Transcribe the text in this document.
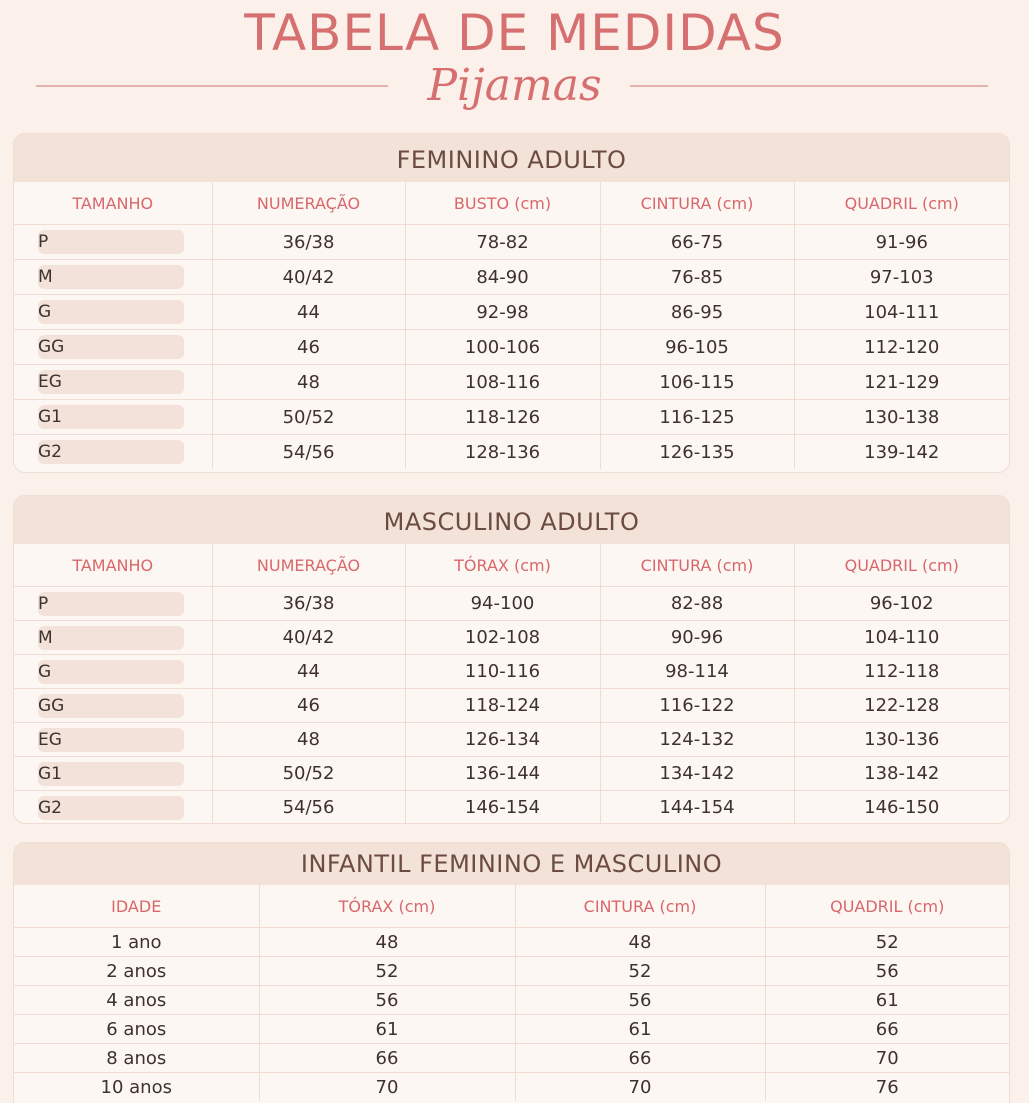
TABELA DE MEDIDAS
Pijamas
FEMININO ADULTO
TAMANHO	NUMERAÇÃO	BUSTO (cm)	CINTURA (cm)	QUADRIL (cm)
P	36/38	78-82	66-75	91-96
M	40/42	84-90	76-85	97-103
G	44	92-98	86-95	104-111
GG	46	100-106	96-105	112-120
EG	48	108-116	106-115	121-129
G1	50/52	118-126	116-125	130-138
G2	54/56	128-136	126-135	139-142
MASCULINO ADULTO
TAMANHO	NUMERAÇÃO	TÓRAX (cm)	CINTURA (cm)	QUADRIL (cm)
P	36/38	94-100	82-88	96-102
M	40/42	102-108	90-96	104-110
G	44	110-116	98-114	112-118
GG	46	118-124	116-122	122-128
EG	48	126-134	124-132	130-136
G1	50/52	136-144	134-142	138-142
G2	54/56	146-154	144-154	146-150
INFANTIL FEMININO E MASCULINO
IDADE	TÓRAX (cm)	CINTURA (cm)	QUADRIL (cm)
1 ano	48	48	52
2 anos	52	52	56
4 anos	56	56	61
6 anos	61	61	66
8 anos	66	66	70
10 anos	70	70	76
